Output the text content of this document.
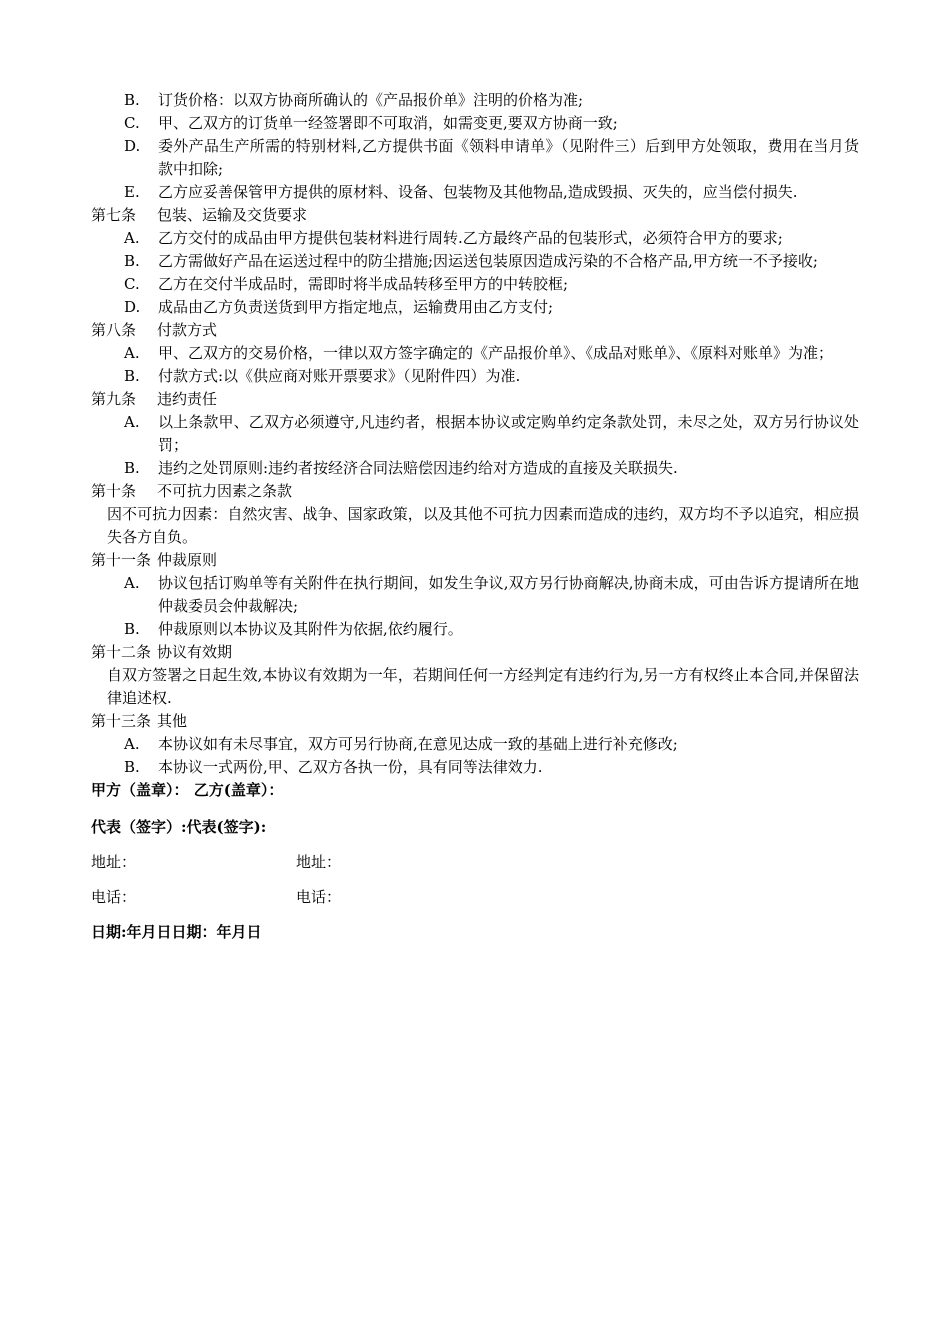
B. 订货价格：以双方协商所确认的《产品报价单》注明的价格为准;
C. 甲、乙双方的订货单一经签署即不可取消，如需变更,要双方协商一致;
D. 委外产品生产所需的特别材料,乙方提供书面《领料申请单》（见附件三）后到甲方处领取，费用在当月货款中扣除;
E. 乙方应妥善保管甲方提供的原材料、设备、包装物及其他物品,造成毁损、灭失的，应当偿付损失.
第七条 包装、运输及交货要求
A. 乙方交付的成品由甲方提供包装材料进行周转.乙方最终产品的包装形式，必须符合甲方的要求;
B. 乙方需做好产品在运送过程中的防尘措施;因运送包装原因造成污染的不合格产品,甲方统一不予接收;
C. 乙方在交付半成品时，需即时将半成品转移至甲方的中转胶框;
D. 成品由乙方负责送货到甲方指定地点，运输费用由乙方支付;
第八条 付款方式
A. 甲、乙双方的交易价格，一律以双方签字确定的《产品报价单》、《成品对账单》、《原料对账单》为准；
B. 付款方式:以《供应商对账开票要求》（见附件四）为准.
第九条 违约责任
A. 以上条款甲、乙双方必须遵守,凡违约者，根据本协议或定购单约定条款处罚，未尽之处，双方另行协议处罚；
B. 违约之处罚原则:违约者按经济合同法赔偿因违约给对方造成的直接及关联损失.
第十条 不可抗力因素之条款
因不可抗力因素：自然灾害、战争、国家政策，以及其他不可抗力因素而造成的违约，双方均不予以追究，相应损失各方自负。
第十一条 仲裁原则
A. 协议包括订购单等有关附件在执行期间，如发生争议,双方另行协商解决,协商未成，可由告诉方提请所在地仲裁委员会仲裁解决;
B. 仲裁原则以本协议及其附件为依据,依约履行。
第十二条 协议有效期
自双方签署之日起生效,本协议有效期为一年，若期间任何一方经判定有违约行为,另一方有权终止本合同,并保留法律追述权.
第十三条 其他
A. 本协议如有未尽事宜，双方可另行协商,在意见达成一致的基础上进行补充修改;
B. 本协议一式两份,甲、乙双方各执一份，具有同等法律效力.
甲方（盖章）： 乙方(盖章）：
代表（签字）:代表(签字):
地址：	地址：
电话：	电话：
日期:年月日日期：年月日
